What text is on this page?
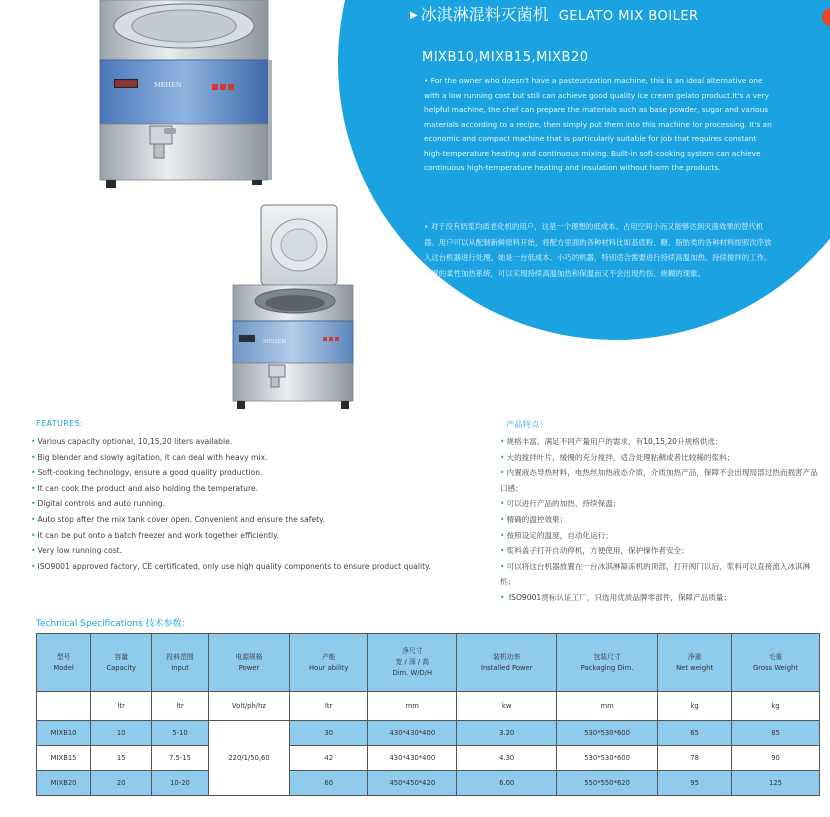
▶ 冰淇淋混料灭菌机 GELATO MIX BOILER
MIXB10,MIXB15,MIXB20

• For the owner who doesn't have a pasteurization machine, this is an ideal alternative one with a low running cost but still can achieve good quality ice cream gelato product.It's a very helpful machine, the chef can prepare the materials such as base powder, sugar and various materials according to a recipe, then simply put them into this machine for processing. It's an economic and compact machine that is particularly suitable for job that requires constant high-temperature heating and continuous mixing. Built-in soft-cooking system can achieve continuous high-temperature heating and insulation without harm the products.

• 对于没有奶浆均质老化机的用户，这是一个理想的低成本、占用空间小而又能够达到灭菌效果的替代机器。用户可以从配制新鲜原料开始，将配方里面的各种材料比如基底粉、糖、脂肪类的各种材料按照次序放入这台机器进行处理。她是一台低成本、小巧的机器，特别适合需要进行持续高温加热、持续搅拌的工作。内置的柔性加热系统，可以实现持续高温加热和保温而又不会出现灼伤、烧糊的现象。

MEHEN
MEHEN
FEATURES:
• Various capacity optional, 10,15,20 liters available.
• Big blender and slowly agitation, it can deal with heavy mix.
• Soft-cooking technology, ensure a good quality production.
• It can cook the product and also holding the temperature.
• Digital controls and auto running.
• Auto stop after the mix tank cover open. Convenient and ensure the safety.
• It can be put onto a batch freezer and work together efficiently.
• Very low running cost.
• ISO9001 approved factory, CE certificated, only use high quality components to ensure product quality.
产品特点：
• 规格丰富，满足不同产量用户的需求，有10,15,20升规格供选；
• 大的搅拌叶片，缓慢的充分搅拌，适合处理粘稠或者比较稀的浆料；
• 内置液态导热材料，电热丝加热液态介质，介质加热产品，保障不会出现局部过热而损害产品口感；
• 可以进行产品的加热、持续保温；
• 精确的温控效果；
• 按照设定的温度，自动化运行；
• 浆料盖子打开自动停机，方便使用，保护操作者安全；
• 可以将这台机器放置在一台冰淇淋凝冻机的顶部，打开阀门以后，浆料可以直接流入冰淇淋机；
• ISO9001贯标认证工厂，只选用优质品牌零部件，保障产品质量；
Technical Specifications 技术参数：
型号
Model	容量
Capacity	投料范围
Input	电源规格
Power	产能
Hour ability	净尺寸
宽 / 深 / 高
Dim. W/D/H	装机功率
Installed Power	包装尺寸
Packaging Dim.	净重
Net weight	毛重
Gross Weight
	ltr	ltr	Volt/ph/hz	ltr	mm	kw	mm	kg	kg
MIXB10	10	5-10	220/1/50,60	30	430*430*400	3.20	530*530*600	65	85
MIXB15	15	7.5-15		42	430*430*400	4.30	530*530*600	78	90
MIXB20	20	10-20		60	450*450*420	6.00	550*550*620	95	125
